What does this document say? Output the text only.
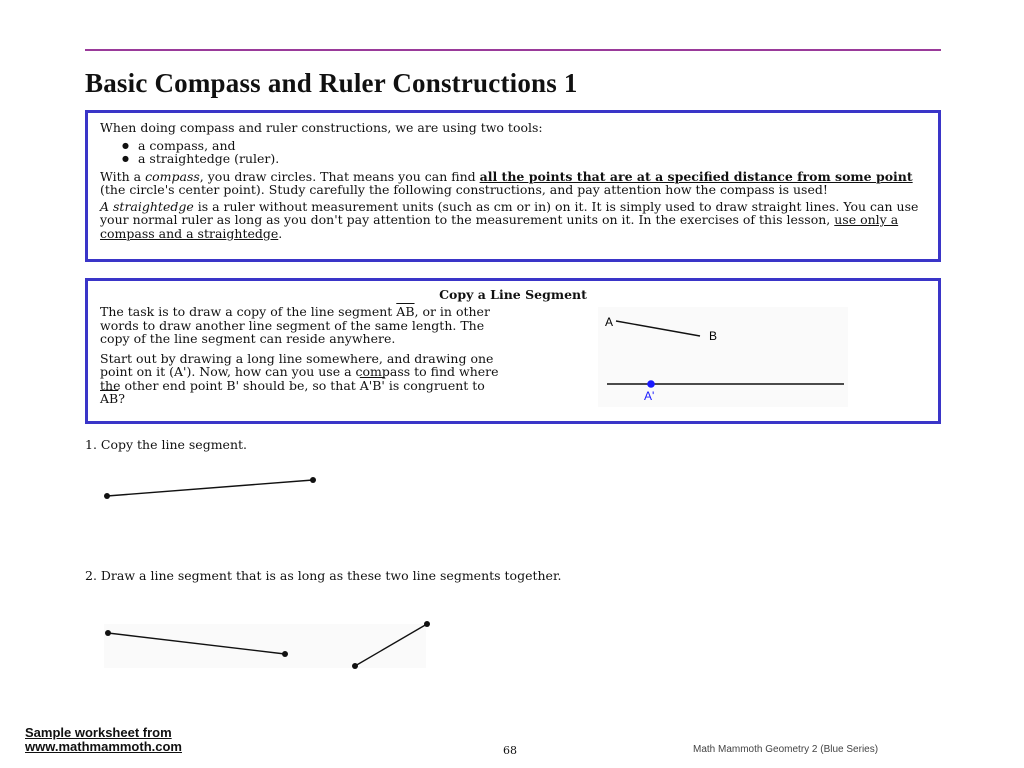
Basic Compass and Ruler Constructions 1

When doing compass and ruler constructions, we are using two tools:

● a compass, and
● a straightedge (ruler).

With a compass, you draw circles. That means you can find all the points that are at a specified distance from some point (the circle's center point). Study carefully the following constructions, and pay attention how the compass is used!

A straightedge is a ruler without measurement units (such as cm or in) on it. It is simply used to draw straight lines. You can use your normal ruler as long as you don't pay attention to the measurement units on it. In the exercises of this lesson, use only a compass and a straightedge.

Copy a Line Segment

The task is to draw a copy of the line segment $\overline{AB}$, or in other words to draw another line segment of the same length. The copy of the line segment can reside anywhere.

Start out by drawing a long line somewhere, and drawing one point on it (A'). Now, how can you use a compass to find where the other end point B' should be, so that A'B' is congruent to $\overline{AB}$?

A
B
A'
1. Copy the line segment.
2. Draw a line segment that is as long as these two line segments together.
Sample worksheet from
www.mathmammoth.com	68	Math Mammoth Geometry 2 (Blue Series)
